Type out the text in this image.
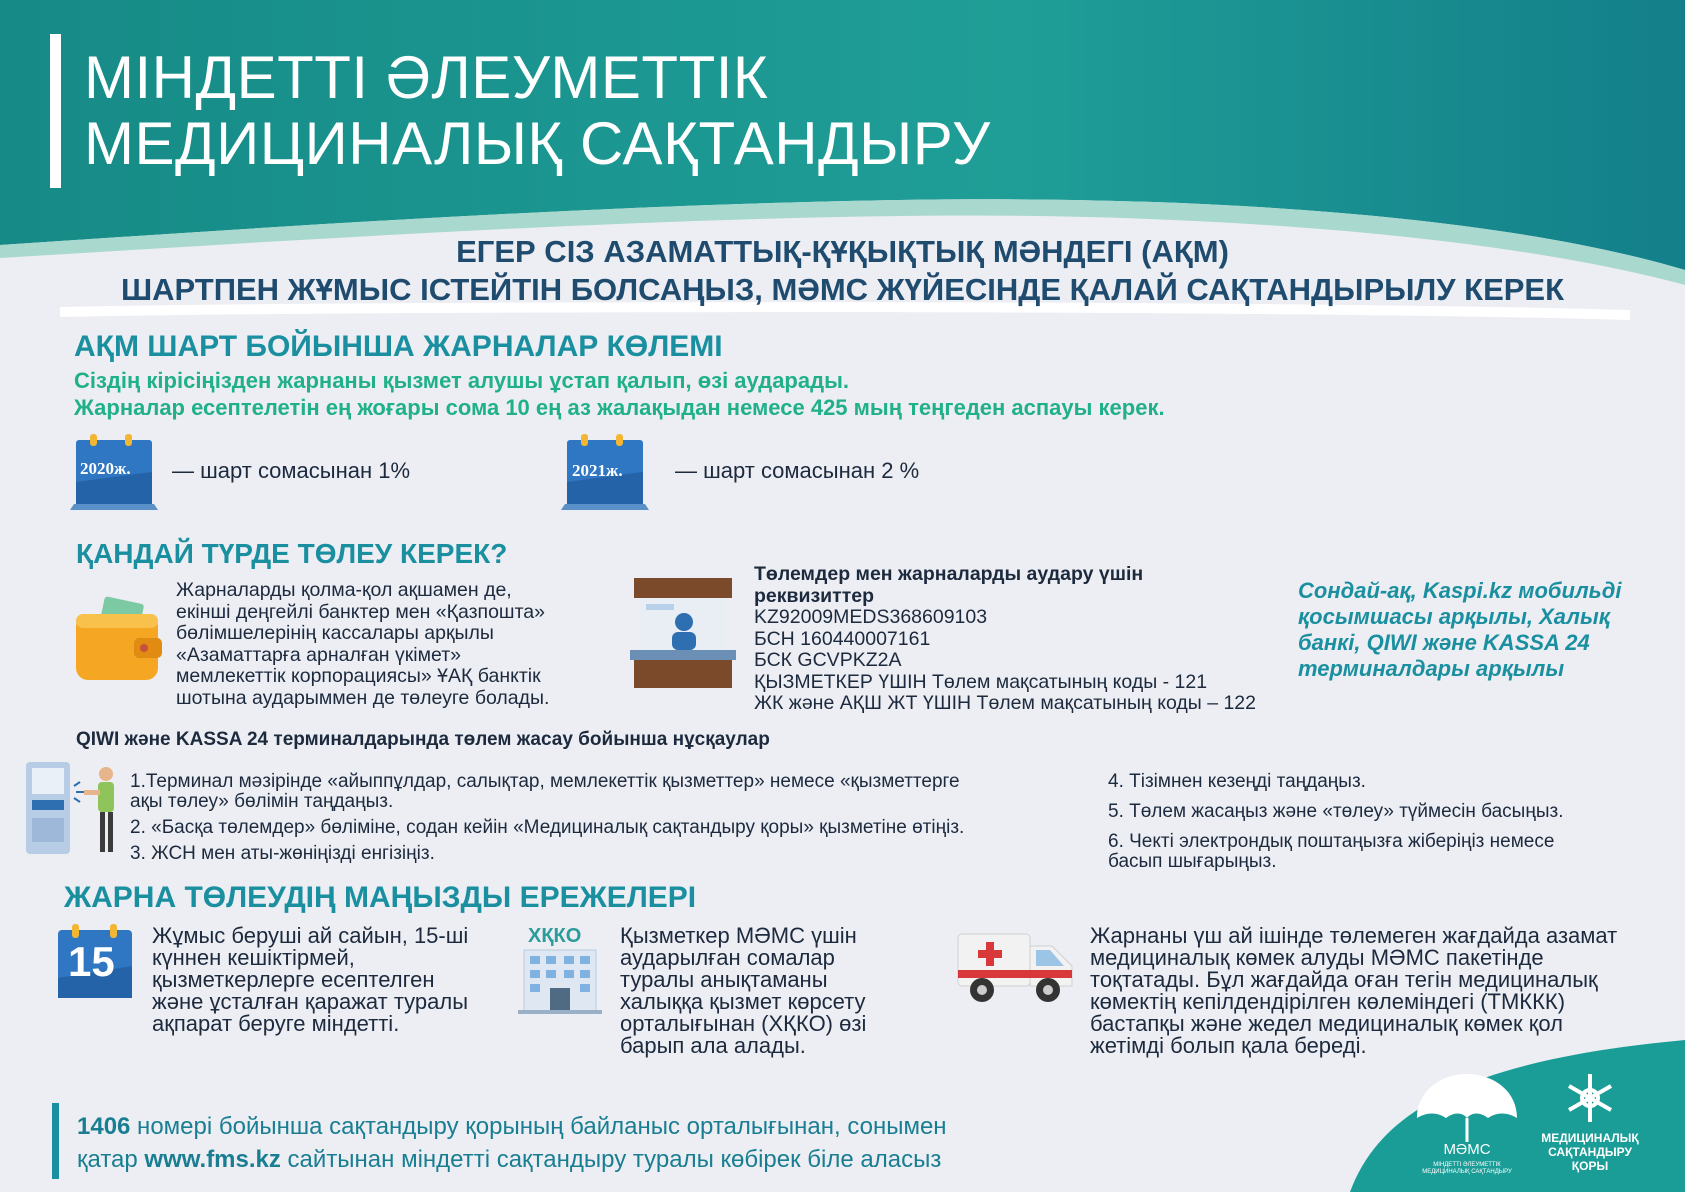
МІНДЕТТІ ӘЛЕУМЕТТІК
МЕДИЦИНАЛЫҚ САҚТАНДЫРУ
ЕГЕР СІЗ АЗАМАТТЫҚ-ҚҰҚЫҚТЫҚ МӘНДЕГІ (АҚМ)
ШАРТПЕН ЖҰМЫС ІСТЕЙТІН БОЛСАҢЫЗ, МӘМС ЖҮЙЕСІНДЕ ҚАЛАЙ САҚТАНДЫРЫЛУ КЕРЕК
АҚМ ШАРТ БОЙЫНША ЖАРНАЛАР КӨЛЕМІ
Сіздің кірісіңізден жарнаны қызмет алушы ұстап қалып, өзі аударады.
Жарналар есептелетін ең жоғары сома 10 ең аз жалақыдан немесе 425 мың теңгеден аспауы керек.
2020ж. — шарт сомасынан 1%	2021ж. — шарт сомасынан 2 %
ҚАНДАЙ ТҮРДЕ ТӨЛЕУ КЕРЕК?
Жарналарды қолма-қол ақшамен де,
екінші деңгейлі банктер мен «Қазпошта»
бөлімшелерінің кассалары арқылы
«Азаматтарға арналған үкімет»
мемлекеттік корпорациясы» ҰАҚ банктік
шотына аударыммен де төлеуге болады.
Төлемдер мен жарналарды аудару үшін
реквизиттер
KZ92009MEDS368609103
БСН 160440007161
БСК GCVPKZ2A
ҚЫЗМЕТКЕР ҮШІН Төлем мақсатының коды - 121
ЖК және АҚШ ЖТ ҮШІН Төлем мақсатының коды – 122
Сондай-ақ, Kaspi.kz мобильді
қосымшасы арқылы, Халық
банкі, QIWI және KASSA 24
терминалдары арқылы
QIWI және KASSA 24 терминалдарында төлем жасау бойынша нұсқаулар
1.Терминал мәзірінде «айыппұлдар, салықтар, мемлекеттік қызметтер» немесе «қызметтерге
ақы төлеу» бөлімін таңдаңыз.
2. «Басқа төлемдер» бөліміне, содан кейін «Медициналық сақтандыру қоры» қызметіне өтіңіз.
3. ЖСН мен аты-жөніңізді енгізіңіз.
4. Тізімнен кезеңді таңдаңыз.
5. Төлем жасаңыз және «төлеу» түймесін басыңыз.
6. Чекті электрондық поштаңызға жіберіңіз немесе
басып шығарыңыз.
ЖАРНА ТӨЛЕУДІҢ МАҢЫЗДЫ ЕРЕЖЕЛЕРІ
15
Жұмыс беруші ай сайын, 15-ші
күннен кешіктірмей,
қызметкерлерге есептелген
және ұсталған қаражат туралы
ақпарат беруге міндетті.
ХҚКО Қызметкер МӘМС үшін
аударылған сомалар
туралы анықтаманы
халыққа қызмет көрсету
орталығынан (ХҚКО) өзі
барып ала алады.
Жарнаны үш ай ішінде төлемеген жағдайда азамат
медициналық көмек алуды МӘМС пакетінде
тоқтатады. Бұл жағдайда оған тегін медициналық
көмектің кепілдендірілген көлеміндегі (ТМККК)
бастапқы және жедел медициналық көмек қол
жетімді болып қала береді.
1406 номері бойынша сақтандыру қорының байланыс орталығынан, сонымен
қатар www.fms.kz сайтынан міндетті сақтандыру туралы көбірек біле аласыз	МӘМС
МІНДЕТТІ ӘЛЕУМЕТТІК МЕДИЦИНАЛЫҚ САҚТАНДЫРУ
МЕДИЦИНАЛЫҚ
САҚТАНДЫРУ
ҚОРЫ
